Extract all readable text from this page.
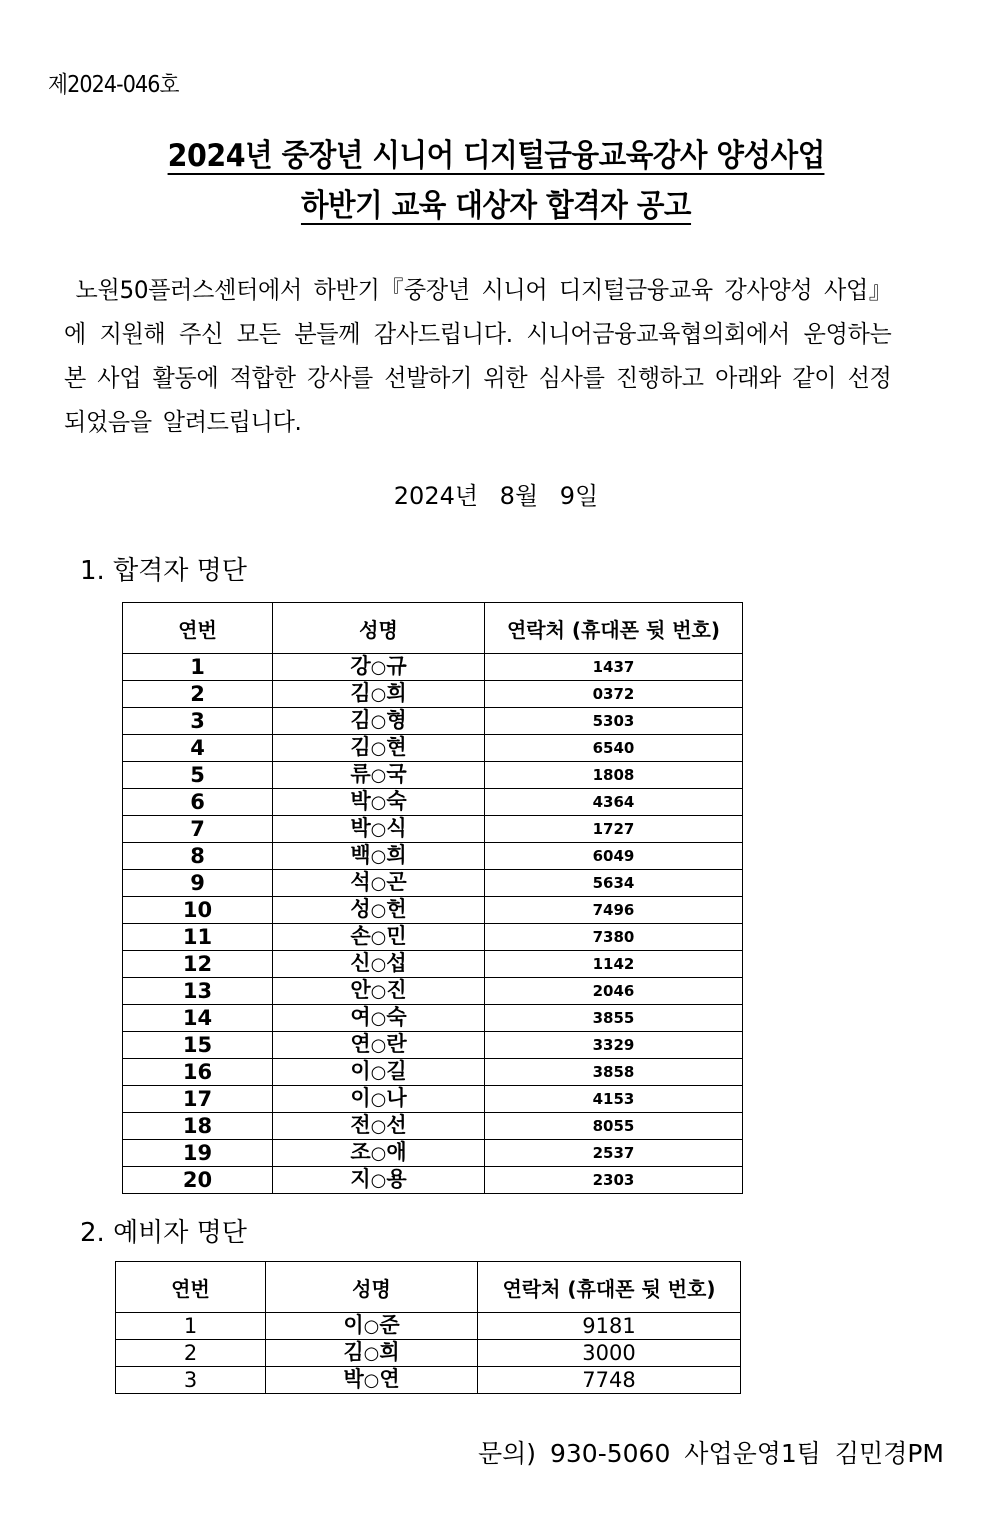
제2024-046호
2024년 중장년 시니어 디지털금융교육강사 양성사업
하반기 교육 대상자 합격자 공고

노원50플러스센터에서 하반기『중장년 시니어 디지털금융교육 강사양성 사업』에 지원해 주신 모든 분들께 감사드립니다. 시니어금융교육협의회에서 운영하는 본 사업 활동에 적합한 강사를 선발하기 위한 심사를 진행하고 아래와 같이 선정되었음을 알려드립니다.

2024년 8월 9일
1. 합격자 명단
연번	성명	연락처 (휴대폰 뒷 번호)
1	강○규	1437
2	김○희	0372
3	김○형	5303
4	김○현	6540
5	류○국	1808
6	박○숙	4364
7	박○식	1727
8	백○희	6049
9	석○곤	5634
10	성○헌	7496
11	손○민	7380
12	신○섭	1142
13	안○진	2046
14	여○숙	3855
15	연○란	3329
16	이○길	3858
17	이○나	4153
18	전○선	8055
19	조○애	2537
20	지○용	2303
2. 예비자 명단
연번	성명	연락처 (휴대폰 뒷 번호)
1	이○준	9181
2	김○희	3000
3	박○연	7748
문의) 930-5060 사업운영1팀 김민경PM
